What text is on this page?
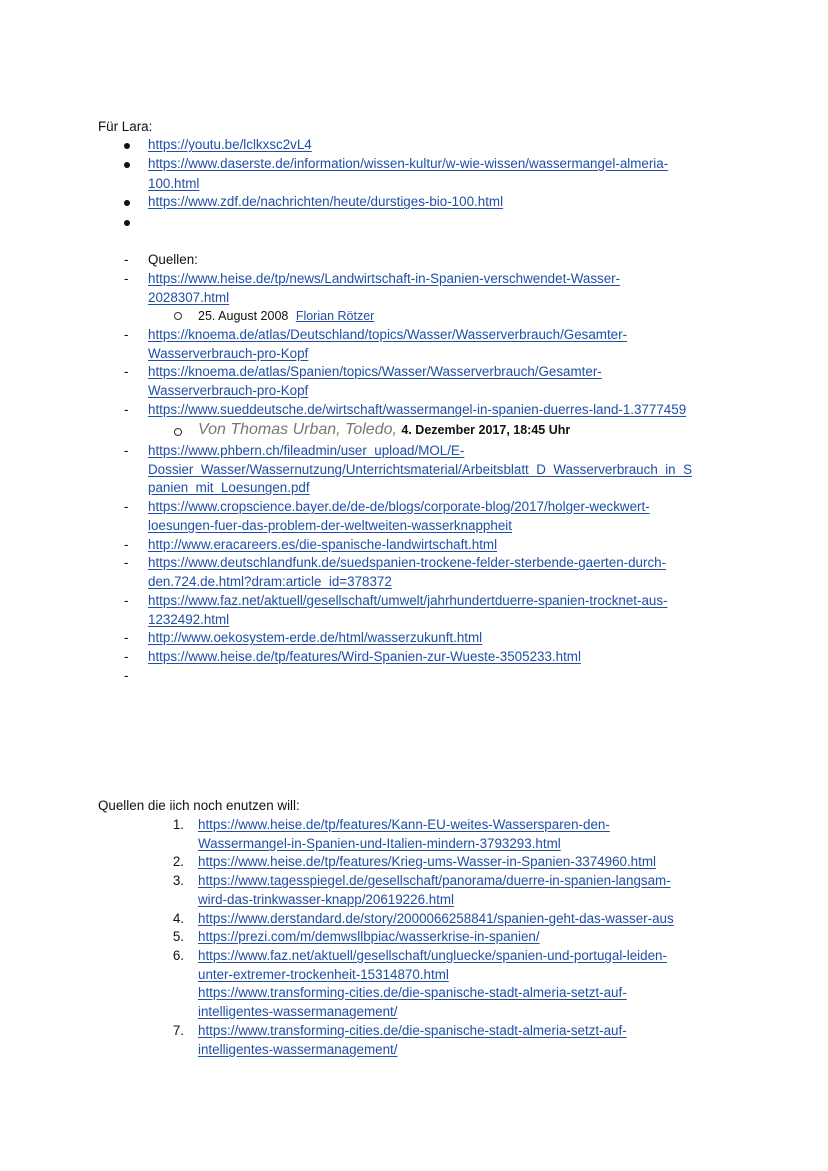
Für Lara:
https://youtu.be/lclkxsc2vL4
https://www.daserste.de/information/wissen-kultur/w-wie-wissen/wassermangel-almeria-
100.html
https://www.zdf.de/nachrichten/heute/durstiges-bio-100.html
- Quellen:
- https://www.heise.de/tp/news/Landwirtschaft-in-Spanien-verschwendet-Wasser-
2028307.html
25. August 2008 Florian Rötzer
- https://knoema.de/atlas/Deutschland/topics/Wasser/Wasserverbrauch/Gesamter-
Wasserverbrauch-pro-Kopf
- https://knoema.de/atlas/Spanien/topics/Wasser/Wasserverbrauch/Gesamter-
Wasserverbrauch-pro-Kopf
- https://www.sueddeutsche.de/wirtschaft/wassermangel-in-spanien-duerres-land-1.3777459
Von Thomas Urban, Toledo, 4. Dezember 2017, 18:45 Uhr
- https://www.phbern.ch/fileadmin/user_upload/MOL/E-
Dossier_Wasser/Wassernutzung/Unterrichtsmaterial/Arbeitsblatt_D_Wasserverbrauch_in_S
panien_mit_Loesungen.pdf
- https://www.cropscience.bayer.de/de-de/blogs/corporate-blog/2017/holger-weckwert-
loesungen-fuer-das-problem-der-weltweiten-wasserknappheit
- http://www.eracareers.es/die-spanische-landwirtschaft.html
- https://www.deutschlandfunk.de/suedspanien-trockene-felder-sterbende-gaerten-durch-
den.724.de.html?dram:article_id=378372
- https://www.faz.net/aktuell/gesellschaft/umwelt/jahrhundertduerre-spanien-trocknet-aus-
1232492.html
- http://www.oekosystem-erde.de/html/wasserzukunft.html
- https://www.heise.de/tp/features/Wird-Spanien-zur-Wueste-3505233.html
-
Quellen die iich noch enutzen will:
1. https://www.heise.de/tp/features/Kann-EU-weites-Wassersparen-den-
Wassermangel-in-Spanien-und-Italien-mindern-3793293.html
2. https://www.heise.de/tp/features/Krieg-ums-Wasser-in-Spanien-3374960.html
3. https://www.tagesspiegel.de/gesellschaft/panorama/duerre-in-spanien-langsam-
wird-das-trinkwasser-knapp/20619226.html
4. https://www.derstandard.de/story/2000066258841/spanien-geht-das-wasser-aus
5. https://prezi.com/m/demwsllbpiac/wasserkrise-in-spanien/
6. https://www.faz.net/aktuell/gesellschaft/ungluecke/spanien-und-portugal-leiden-
unter-extremer-trockenheit-15314870.html
https://www.transforming-cities.de/die-spanische-stadt-almeria-setzt-auf-
intelligentes-wassermanagement/
7. https://www.transforming-cities.de/die-spanische-stadt-almeria-setzt-auf-
intelligentes-wassermanagement/
